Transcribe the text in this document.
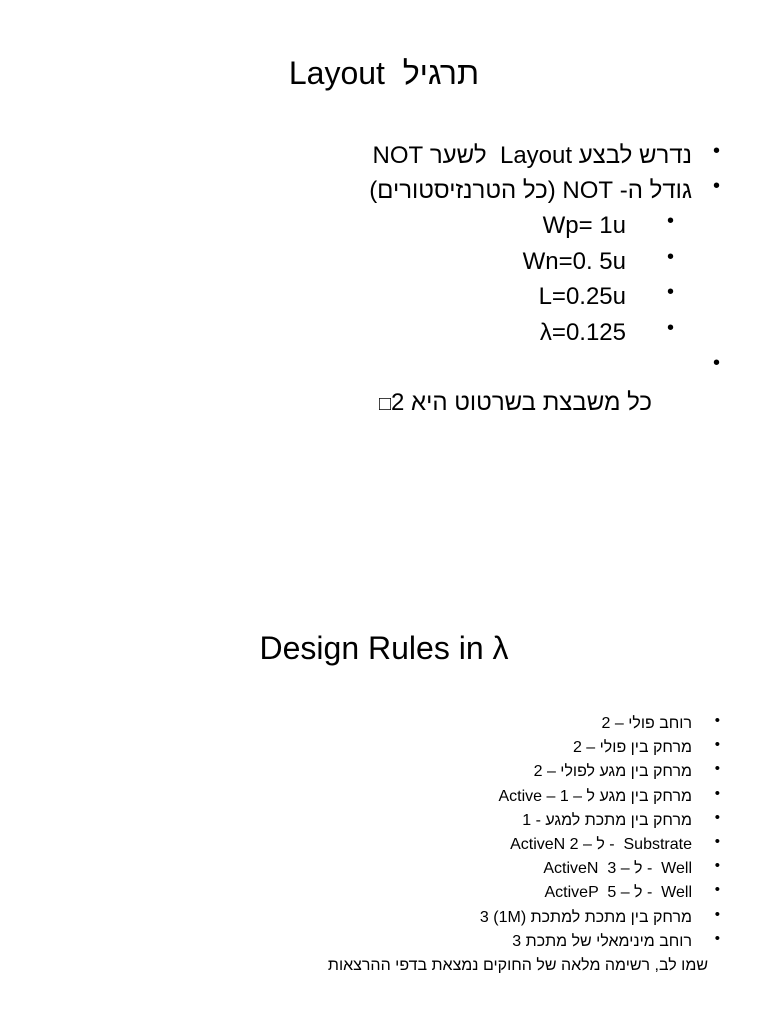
Layout  תרגיל
•
נדרש לבצע Layout  לשער NOT
•
גודל ה- NOT (כל הטרנזיסטורים)
•
Wp= 1u
•
Wn=0. 5u
•
L=0.25u
•
λ=0.125
•

כל משבצת בשרטוט היא 2□

Design Rules in λ
•
רוחב פולי – 2
•
מרחק בין פולי – 2
•
מרחק בין מגע לפולי – 2
•
מרחק בין מגע ל – 1 – Active
•
מרחק בין מתכת למגע - 1
•
ActiveN ל – 2 -  Substrate
•
ActiveN  ל – 3 -  Well
•
ActiveP  ל – 5 -  Well
•
מרחק בין מתכת למתכת (1M) 3
•
רוחב מינימאלי של מתכת 3
שמו לב, רשימה מלאה של החוקים נמצאת בדפי ההרצאות
